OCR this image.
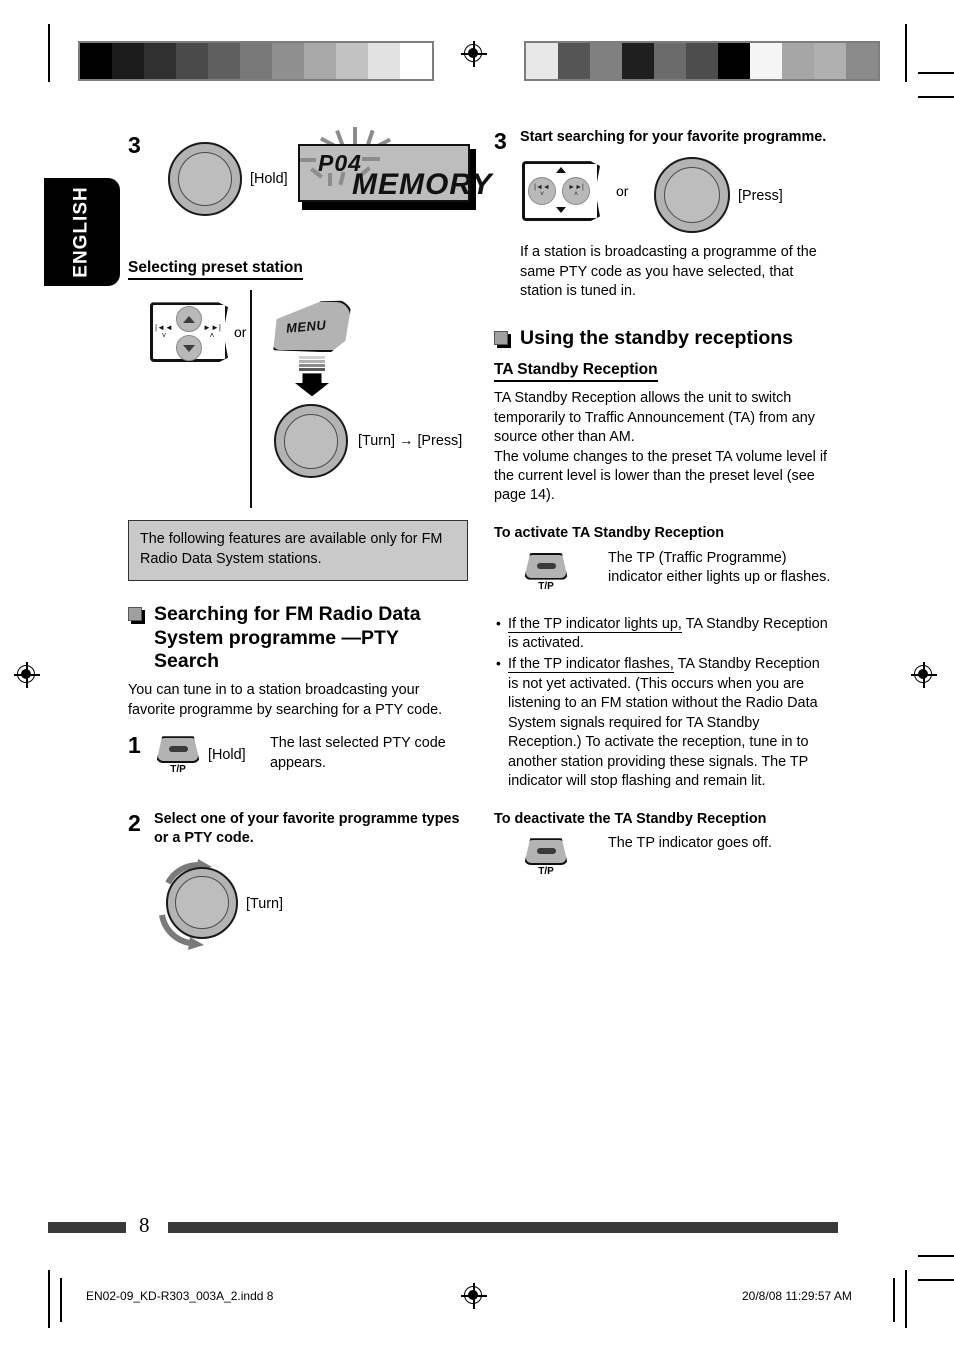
ENGLISH
3
[Hold]
P04
MEMORY
Selecting preset station
|◄◄
˅
►►|
˄	or	MENU
[Turn] → [Press]
The following features are available only for FM Radio Data System stations.
Searching for FM Radio Data
System programme —PTY Search
You can tune in to a station broadcasting your favorite programme by searching for a PTY code.
1
T/P
[Hold]
The last selected PTY code appears.
2 Select one of your favorite programme types or a PTY code.
[Turn]
3 Start searching for your favorite programme.
|◄◄
˅
►►|
˄	or	[Press]
If a station is broadcasting a programme of the same PTY code as you have selected, that station is tuned in.
Using the standby receptions
TA Standby Reception
TA Standby Reception allows the unit to switch temporarily to Traffic Announcement (TA) from any source other than AM.
The volume changes to the preset TA volume level if the current level is lower than the preset level (see page 14).
To activate TA Standby Reception
T/P
The TP (Traffic Programme) indicator either lights up or flashes.
• If the TP indicator lights up, TA Standby Reception is activated.
• If the TP indicator flashes, TA Standby Reception is not yet activated. (This occurs when you are listening to an FM station without the Radio Data System signals required for TA Standby Reception.) To activate the reception, tune in to another station providing these signals. The TP indicator will stop flashing and remain lit.
To deactivate the TA Standby Reception
T/P
The TP indicator goes off.
8
EN02-09_KD-R303_003A_2.indd 8	20/8/08 11:29:57 AM
